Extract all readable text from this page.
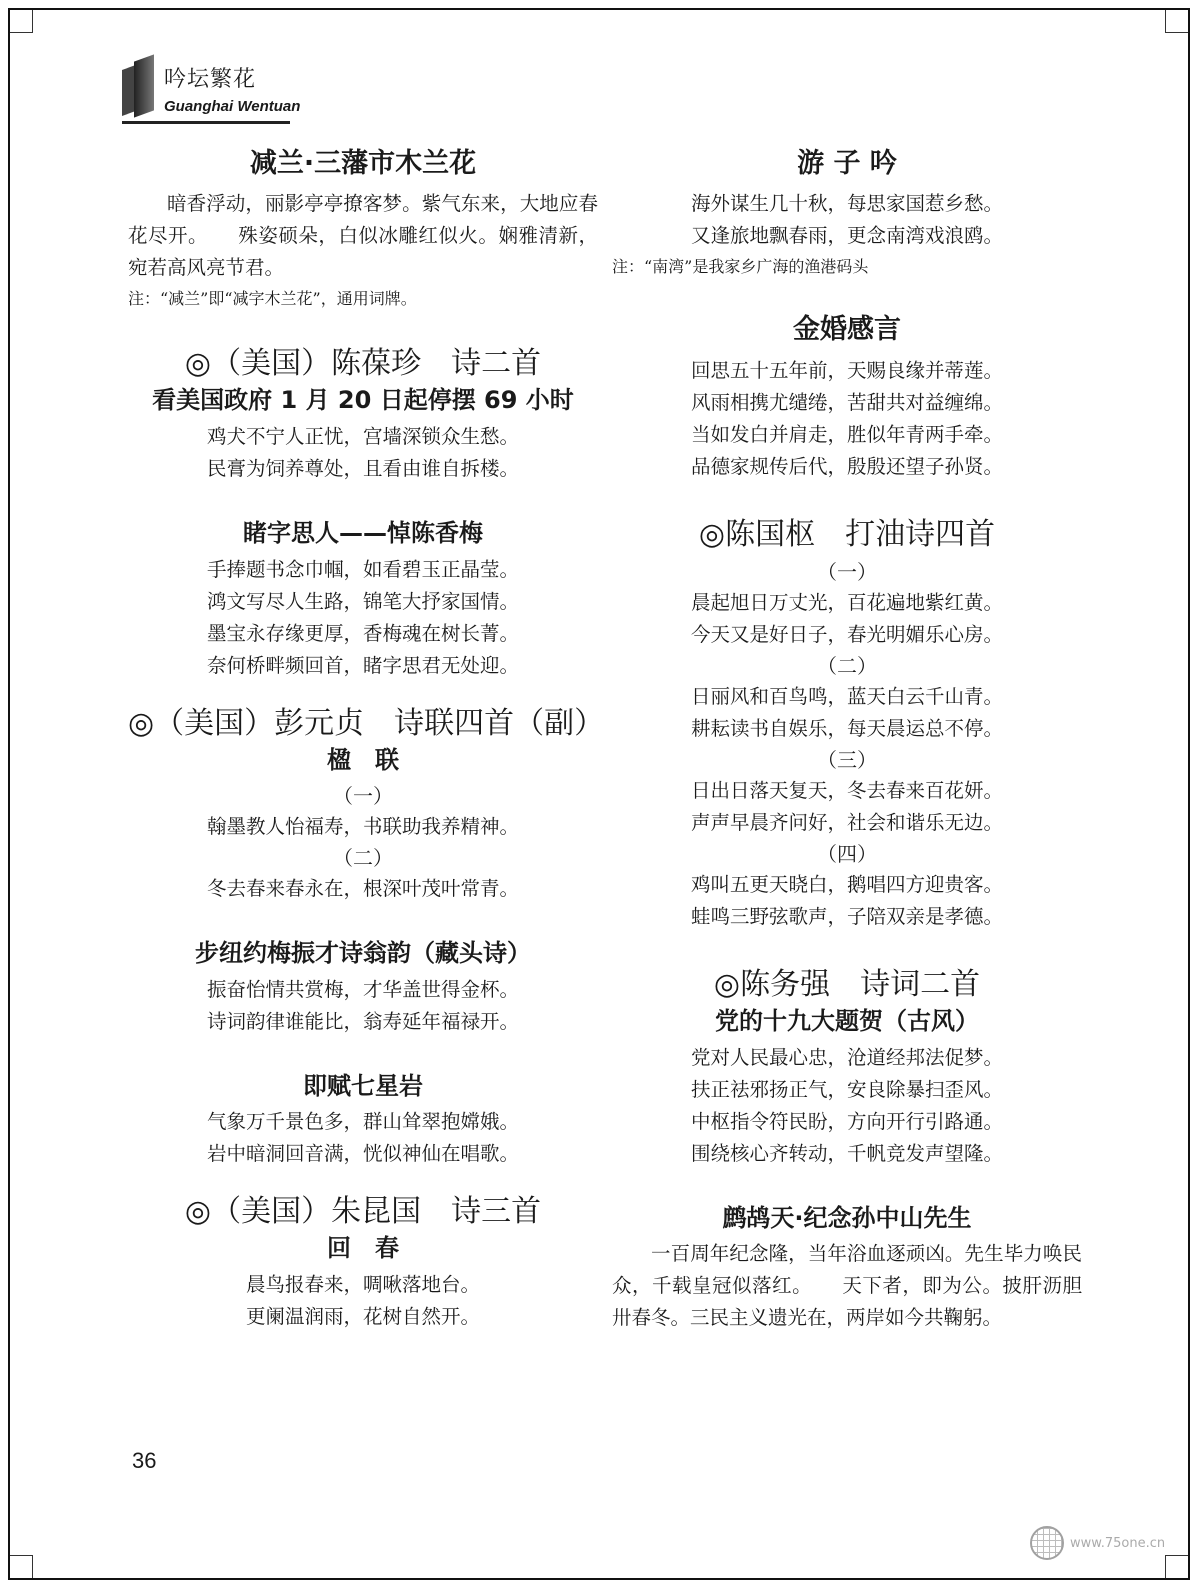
吟坛繁花
Guanghai Wentuan
减兰·三藩市木兰花

暗香浮动，丽影亭亭撩客梦。紫气东来，大地应春花尽开。　　殊姿硕朵，白似冰雕红似火。娴雅清新，宛若高风亮节君。

注：“减兰”即“减字木兰花”，通用词牌。
◎（美国）陈葆珍　诗二首
看美国政府 1 月 20 日起停摆 69 小时
鸡犬不宁人正忧，宫墙深锁众生愁。
民膏为饲养尊处，且看由谁自拆楼。
睹字思人——悼陈香梅
手捧题书念巾帼，如看碧玉正晶莹。
鸿文写尽人生路，锦笔大抒家国情。
墨宝永存缘更厚，香梅魂在树长菁。
奈何桥畔频回首，睹字思君无处迎。
◎（美国）彭元贞　诗联四首（副）
楹　联
（一）
翰墨教人怡福寿，书联助我养精神。
（二）
冬去春来春永在，根深叶茂叶常青。
步纽约梅振才诗翁韵（藏头诗）
振奋怡情共赏梅，才华盖世得金杯。
诗词韵律谁能比，翁寿延年福禄开。
即赋七星岩
气象万千景色多，群山耸翠抱嫦娥。
岩中暗洞回音满，恍似神仙在唱歌。
◎（美国）朱昆国　诗三首
回　春
晨鸟报春来，啁啾落地台。
更阑温润雨，花树自然开。
游 子 吟
海外谋生几十秋，每思家国惹乡愁。
又逢旅地飘春雨，更念南湾戏浪鸥。
注：“南湾”是我家乡广海的渔港码头
金婚感言
回思五十五年前，天赐良缘并蒂莲。
风雨相携尤缱绻，苦甜共对益缠绵。
当如发白并肩走，胜似年青两手牵。
品德家规传后代，殷殷还望子孙贤。
◎陈国枢　打油诗四首
（一）
晨起旭日万丈光，百花遍地紫红黄。
今天又是好日子，春光明媚乐心房。
（二）
日丽风和百鸟鸣，蓝天白云千山青。
耕耘读书自娱乐，每天晨运总不停。
（三）
日出日落天复天，冬去春来百花妍。
声声早晨齐问好，社会和谐乐无边。
（四）
鸡叫五更天晓白，鹅唱四方迎贵客。
蛙鸣三野弦歌声，子陪双亲是孝德。
◎陈务强　诗词二首
党的十九大题贺（古风）
党对人民最心忠，沧道经邦法促梦。
扶正祛邪扬正气，安良除暴扫歪风。
中枢指令符民盼，方向开行引路通。
围绕核心齐转动，千帆竞发声望隆。
鹧鸪天·纪念孙中山先生

一百周年纪念隆，当年浴血逐顽凶。先生毕力唤民众，千载皇冠似落红。　　天下者，即为公。披肝沥胆卅春冬。三民主义遗光在，两岸如今共鞠躬。

36
www.75one.cn
